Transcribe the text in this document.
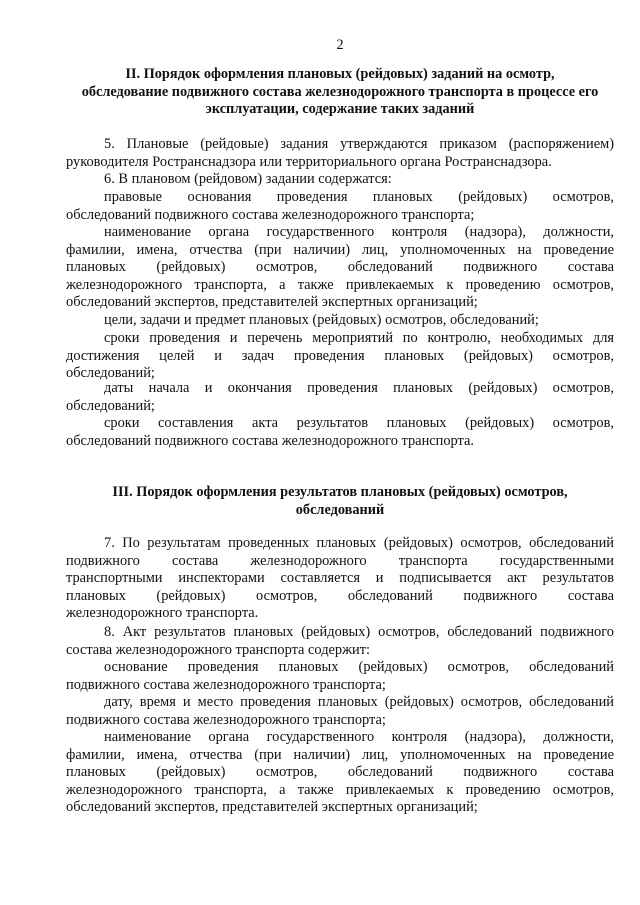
2
II. Порядок оформления плановых (рейдовых) заданий на осмотр,
обследование подвижного состава железнодорожного транспорта в процессе его
эксплуатации, содержание таких заданий
5. Плановые (рейдовые) задания утверждаются приказом (распоряжением)
руководителя Ространснадзора или территориального органа Ространснадзора.
6. В плановом (рейдовом) задании содержатся:
правовые основания проведения плановых (рейдовых) осмотров,
обследований подвижного состава железнодорожного транспорта;
наименование органа государственного контроля (надзора), должности,
фамилии, имена, отчества (при наличии) лиц, уполномоченных на проведение
плановых (рейдовых) осмотров, обследований подвижного состава
железнодорожного транспорта, а также привлекаемых к проведению осмотров,
обследований экспертов, представителей экспертных организаций;
цели, задачи и предмет плановых (рейдовых) осмотров, обследований;
сроки проведения и перечень мероприятий по контролю, необходимых для
достижения целей и задач проведения плановых (рейдовых) осмотров,
обследований;
даты начала и окончания проведения плановых (рейдовых) осмотров,
обследований;
сроки составления акта результатов плановых (рейдовых) осмотров,
обследований подвижного состава железнодорожного транспорта.
III. Порядок оформления результатов плановых (рейдовых) осмотров,
обследований
7. По результатам проведенных плановых (рейдовых) осмотров, обследований
подвижного состава железнодорожного транспорта государственными
транспортными инспекторами составляется и подписывается акт результатов
плановых (рейдовых) осмотров, обследований подвижного состава
железнодорожного транспорта.
8. Акт результатов плановых (рейдовых) осмотров, обследований подвижного
состава железнодорожного транспорта содержит:
основание проведения плановых (рейдовых) осмотров, обследований
подвижного состава железнодорожного транспорта;
дату, время и место проведения плановых (рейдовых) осмотров, обследований
подвижного состава железнодорожного транспорта;
наименование органа государственного контроля (надзора), должности,
фамилии, имена, отчества (при наличии) лиц, уполномоченных на проведение
плановых (рейдовых) осмотров, обследований подвижного состава
железнодорожного транспорта, а также привлекаемых к проведению осмотров,
обследований экспертов, представителей экспертных организаций;
